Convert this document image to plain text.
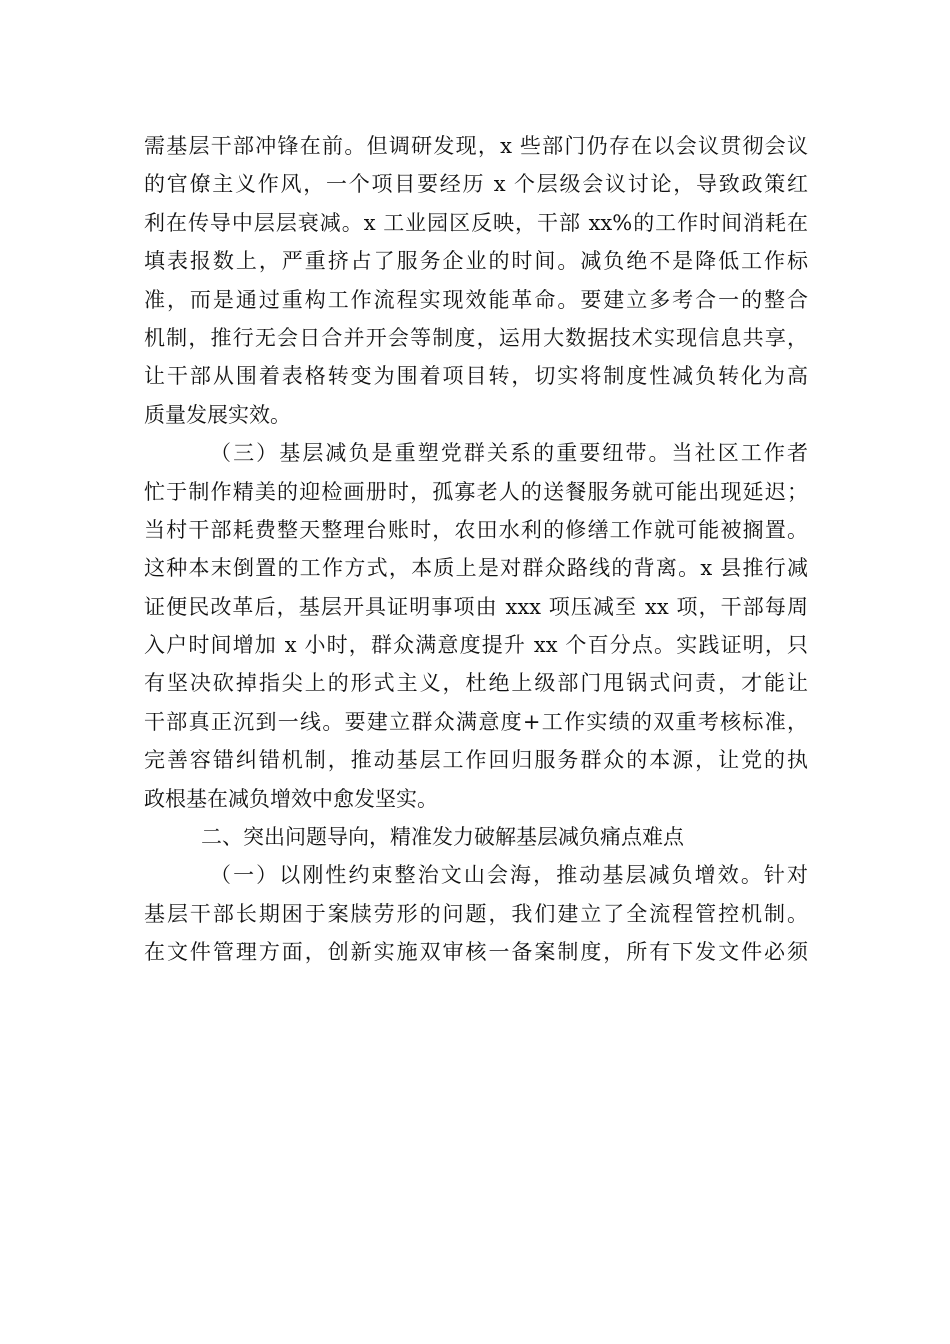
需基层干部冲锋在前。但调研发现，x 些部门仍存在以会议贯彻会议
的官僚主义作风，一个项目要经历 x 个层级会议讨论，导致政策红
利在传导中层层衰减。x 工业园区反映，干部 xx%的工作时间消耗在
填表报数上，严重挤占了服务企业的时间。减负绝不是降低工作标
准，而是通过重构工作流程实现效能革命。要建立多考合一的整合
机制，推行无会日合并开会等制度，运用大数据技术实现信息共享，
让干部从围着表格转变为围着项目转，切实将制度性减负转化为高
质量发展实效。
（三）基层减负是重塑党群关系的重要纽带。当社区工作者
忙于制作精美的迎检画册时，孤寡老人的送餐服务就可能出现延迟；
当村干部耗费整天整理台账时，农田水利的修缮工作就可能被搁置。
这种本末倒置的工作方式，本质上是对群众路线的背离。x 县推行减
证便民改革后，基层开具证明事项由 xxx 项压减至 xx 项，干部每周
入户时间增加 x 小时，群众满意度提升 xx 个百分点。实践证明，只
有坚决砍掉指尖上的形式主义，杜绝上级部门甩锅式问责，才能让
干部真正沉到一线。要建立群众满意度+工作实绩的双重考核标准，
完善容错纠错机制，推动基层工作回归服务群众的本源，让党的执
政根基在减负增效中愈发坚实。
二、突出问题导向，精准发力破解基层减负痛点难点
（一）以刚性约束整治文山会海，推动基层减负增效。针对
基层干部长期困于案牍劳形的问题，我们建立了全流程管控机制。
在文件管理方面，创新实施双审核一备案制度，所有下发文件必须
